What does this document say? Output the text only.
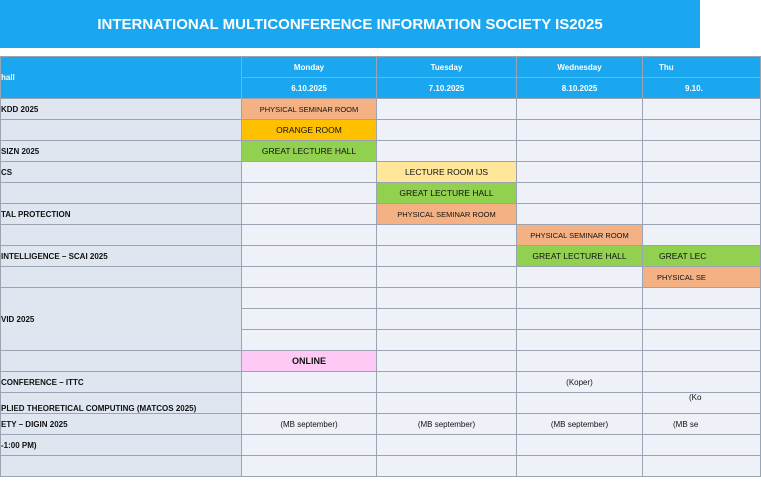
INTERNATIONAL MULTICONFERENCE INFORMATION SOCIETY IS2025
hall	Monday	Tuesday	Wednesday	Thu
	6.10.2025	7.10.2025	8.10.2025	9.10.
KDD 2025	PHYSICAL SEMINAR ROOM			
	ORANGE ROOM			
SIZN 2025	GREAT LECTURE HALL			
CS		LECTURE ROOM IJS		
		GREAT LECTURE HALL		
TAL PROTECTION		PHYSICAL SEMINAR ROOM		
			PHYSICAL SEMINAR ROOM	
INTELLIGENCE – SCAI 2025			GREAT LECTURE HALL	GREAT LEC
				PHYSICAL SE
VID 2025				

	ONLINE			
CONFERENCE – ITTC			(Koper)	
PLIED THEORETICAL COMPUTING (MATCOS 2025)				(Ko
ETY – DIGIN 2025	(MB september)	(MB september)	(MB september)	(MB se
-1:00 PM)				
